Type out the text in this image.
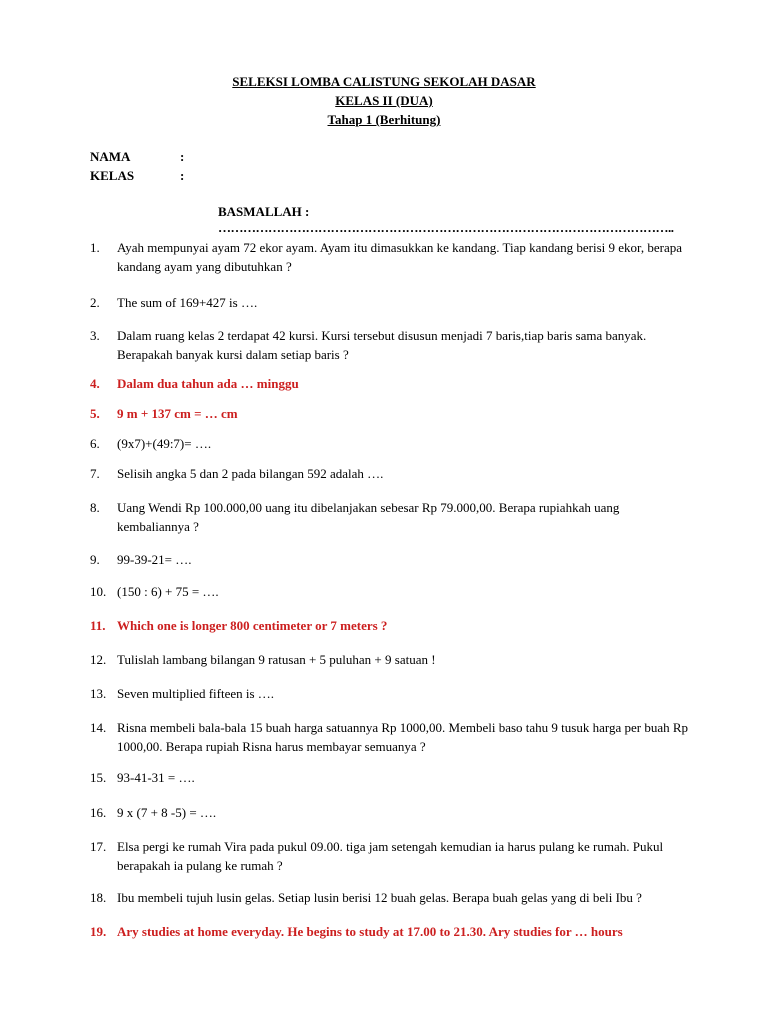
SELEKSI LOMBA CALISTUNG SEKOLAH DASAR
KELAS II (DUA)
Tahap 1 (Berhitung)
NAMA	:
KELAS	:
BASMALLAH : ………………………………………………………………………………………………..
1.	Ayah mempunyai ayam 72 ekor ayam. Ayam itu dimasukkan ke kandang. Tiap kandang berisi 9 ekor, berapa kandang ayam yang dibutuhkan ?
2.	The sum of 169+427 is ….
3.	Dalam ruang kelas 2 terdapat 42 kursi. Kursi tersebut disusun menjadi 7 baris,tiap baris sama banyak. Berapakah banyak kursi dalam setiap baris ?
4.	Dalam dua tahun ada … minggu
5.	9 m + 137 cm = … cm
6.	(9x7)+(49:7)= ….
7.	Selisih angka 5 dan 2 pada bilangan 592 adalah ….
8.	Uang Wendi Rp 100.000,00 uang itu dibelanjakan sebesar Rp 79.000,00. Berapa rupiahkah uang kembaliannya ?
9.	99-39-21= ….
10. (150 : 6) + 75 = ….
11. Which one is longer 800 centimeter or 7 meters ?
12. Tulislah lambang bilangan 9 ratusan + 5 puluhan + 9 satuan !
13. Seven multiplied fifteen is ….
14. Risna membeli bala-bala 15 buah harga satuannya Rp 1000,00. Membeli baso tahu 9 tusuk harga per buah Rp 1000,00. Berapa rupiah Risna harus membayar semuanya ?
15. 93-41-31 = ….
16. 9 x (7 + 8 -5) = ….
17. Elsa pergi ke rumah Vira pada pukul 09.00. tiga jam setengah kemudian ia harus pulang ke rumah. Pukul berapakah ia pulang ke rumah ?
18. Ibu membeli tujuh lusin gelas. Setiap lusin berisi 12 buah gelas. Berapa buah gelas yang di beli Ibu ?
19. Ary studies at home everyday. He begins to study at 17.00 to 21.30. Ary studies for … hours
